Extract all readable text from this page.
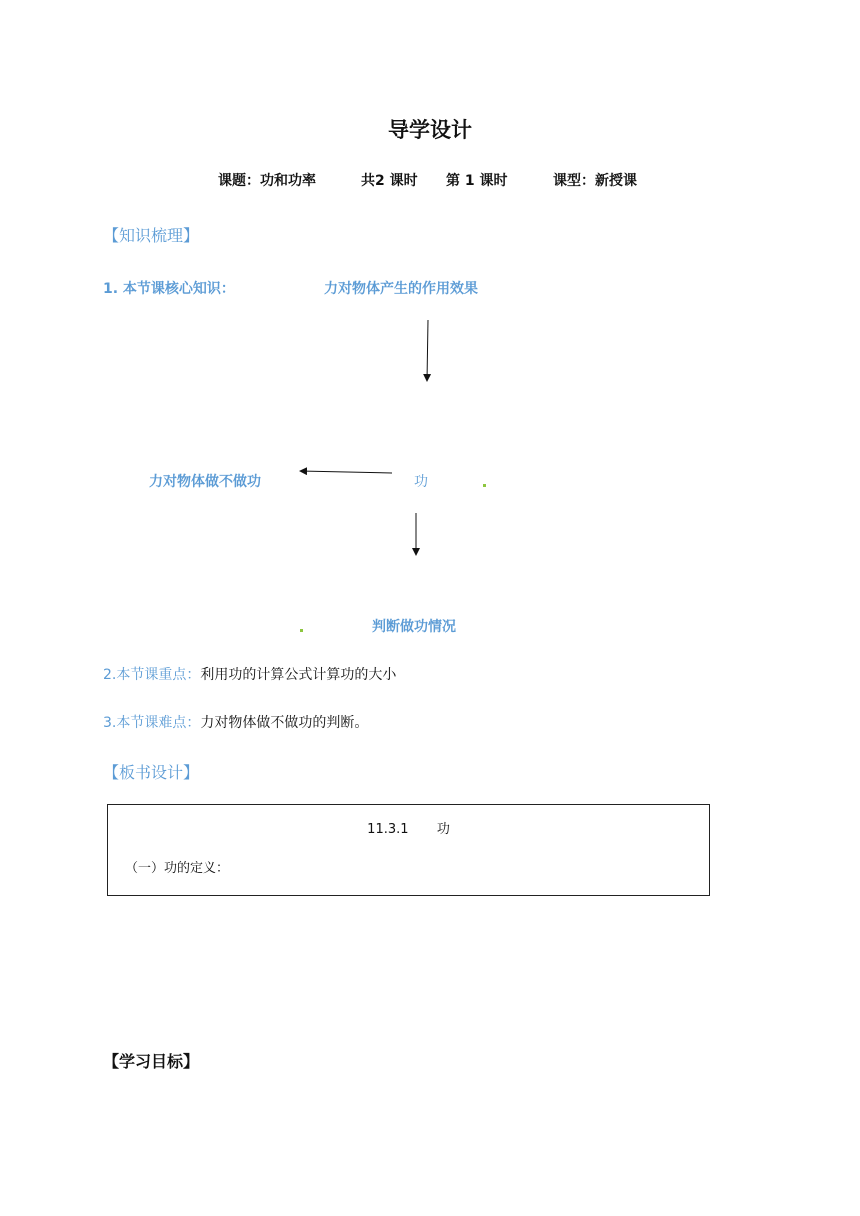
导学设计
课题：功和功率	共2 课时 第 1 课时	课型：新授课
【知识梳理】
1. 本节课核心知识：	力对物体产生的作用效果
力对物体做不做功	功
判断做功情况
2.本节课重点：利用功的计算公式计算功的大小
3.本节课难点：力对物体做不做功的判断。
【板书设计】
11.3.1 功
（一）功的定义：
【学习目标】
